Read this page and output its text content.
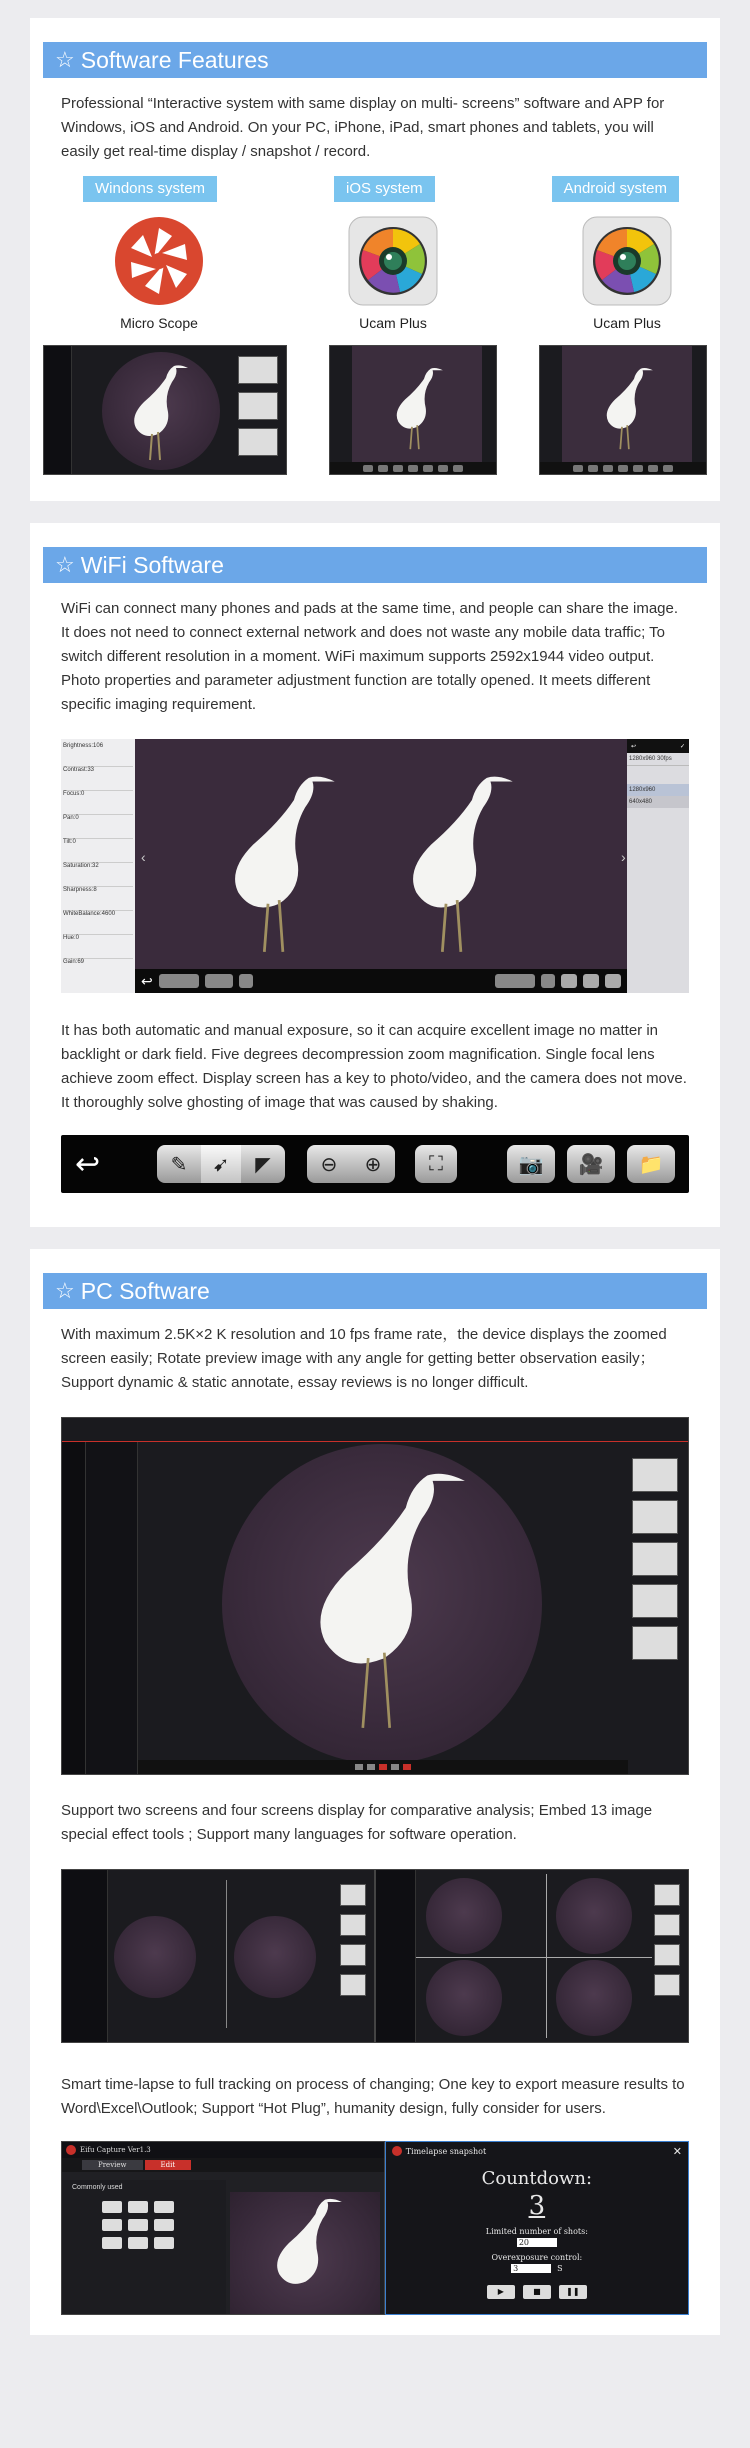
☆ Software Features

Professional “Interactive system with same display on multi- screens” software and APP for Windows, iOS and Android. On your PC, iPhone, iPad, smart phones and tablets, you will easily get real-time display / snapshot / record.

Windons system	iOS system	Android system
Micro Scope	Ucam Plus	Ucam Plus
☆ WiFi Software

WiFi can connect many phones and pads at the same time, and people can share the image. It does not need to connect external network and does not waste any mobile data traffic; To switch different resolution in a moment. WiFi maximum supports 2592x1944 video output. Photo properties and parameter adjustment function are totally opened. It meets different specific imaging requirement.

Brightness:106
Contrast:33
Focus:0
Pan:0
Tilt:0
Saturation:32
Sharpness:8
WhiteBalance:4600
Hue:0
Gain:69
‹
↩
›
↩	✓
1280x960 30fps
1280x960
640x480

It has both automatic and manual exposure, so it can acquire excellent image no matter in backlight or dark field. Five degrees decompression zoom magnification. Single focal lens achieve zoom effect. Display screen has a key to photo/video, and the camera does not move. It thoroughly solve ghosting of image that was caused by shaking.

↩	✎	➹	◤	⊖	⊕	⛶	📷	🎥	📁
☆ PC Software

With maximum 2.5K×2 K resolution and 10 fps frame rate，the device displays the zoomed screen easily; Rotate preview image with any angle for getting better observation easily； Support dynamic & static annotate, essay reviews is no longer difficult.

Support two screens and four screens display for comparative analysis; Embed 13 image special effect tools ; Support many languages for software operation.

Smart time-lapse to full tracking on process of changing; One key to export measure results to Word\Excel\Outlook; Support “Hot Plug”, humanity design, fully consider for users.

Eifu Capture Ver1.3
Preview	Edit
Commonly used
Timelapse snapshot	✕
Countdown:
3
Limited number of shots:
20
Overexposure control:
3	S
▶	■	❚❚
